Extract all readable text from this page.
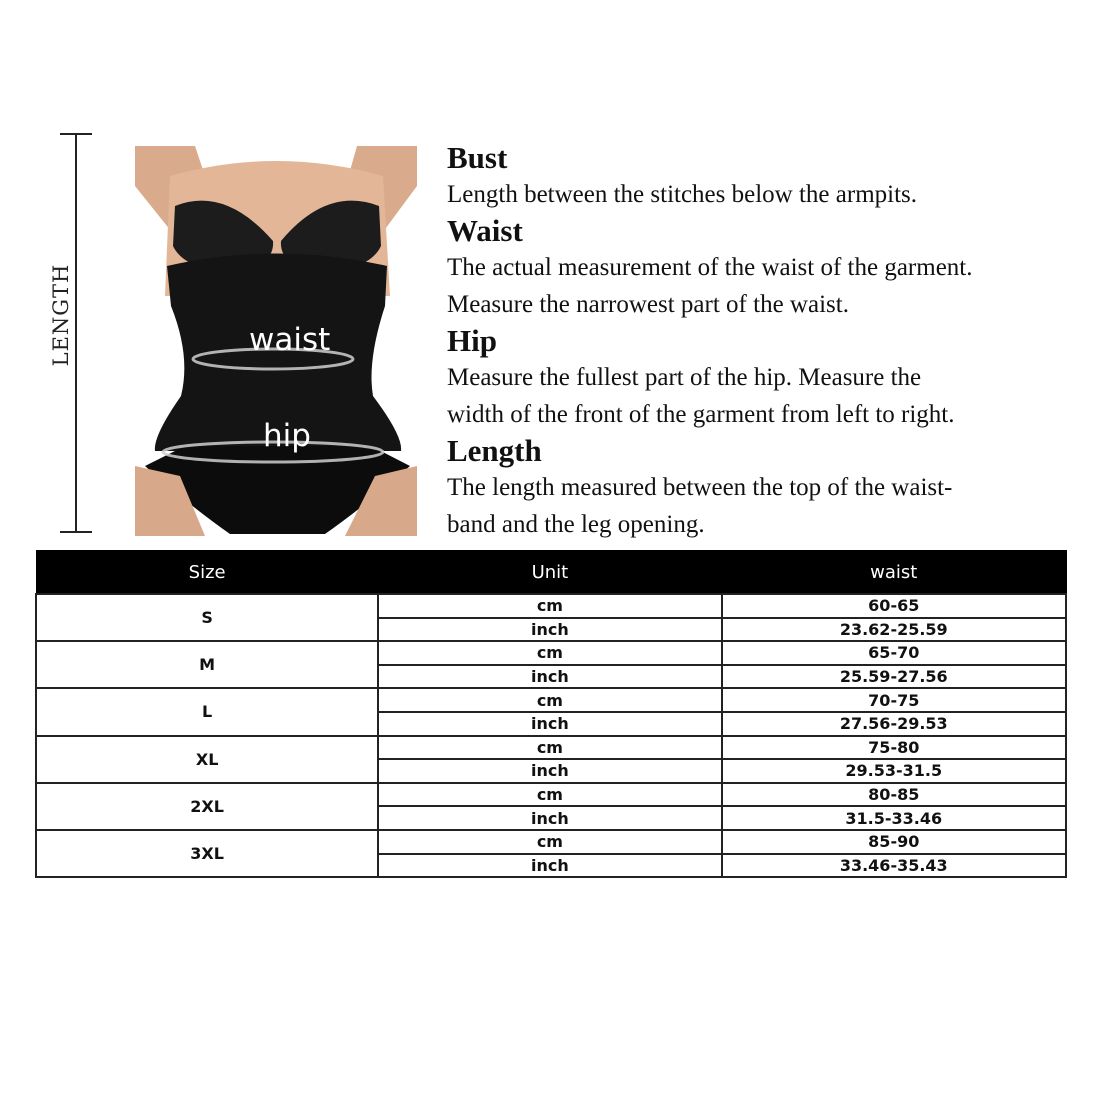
LENGTH	waist
hip

Bust

Length between the stitches below the armpits.

Waist

The actual measurement of the waist of the garment.

Measure the narrowest part of the waist.

Hip

Measure the fullest part of the hip. Measure the

width of the front of the garment from left to right.

Length

The length measured between the top of the waist-

band and the leg opening.

Size	Unit	waist
S	cm	60-65
	inch	23.62-25.59
M	cm	65-70
	inch	25.59-27.56
L	cm	70-75
	inch	27.56-29.53
XL	cm	75-80
	inch	29.53-31.5
2XL	cm	80-85
	inch	31.5-33.46
3XL	cm	85-90
	inch	33.46-35.43
